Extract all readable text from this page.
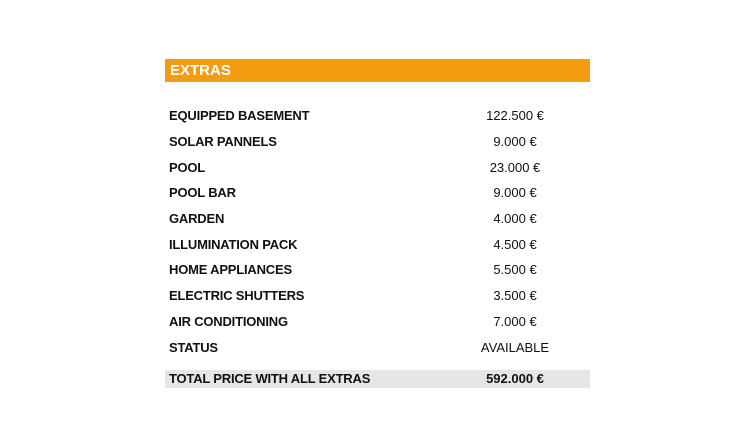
EXTRAS
EQUIPPED BASEMENT	122.500 €
SOLAR PANNELS	9.000 €
POOL	23.000 €
POOL BAR	9.000 €
GARDEN	4.000 €
ILLUMINATION PACK	4.500 €
HOME APPLIANCES	5.500 €
ELECTRIC SHUTTERS	3.500 €
AIR CONDITIONING	7.000 €
STATUS	AVAILABLE
TOTAL PRICE WITH ALL EXTRAS	592.000 €
